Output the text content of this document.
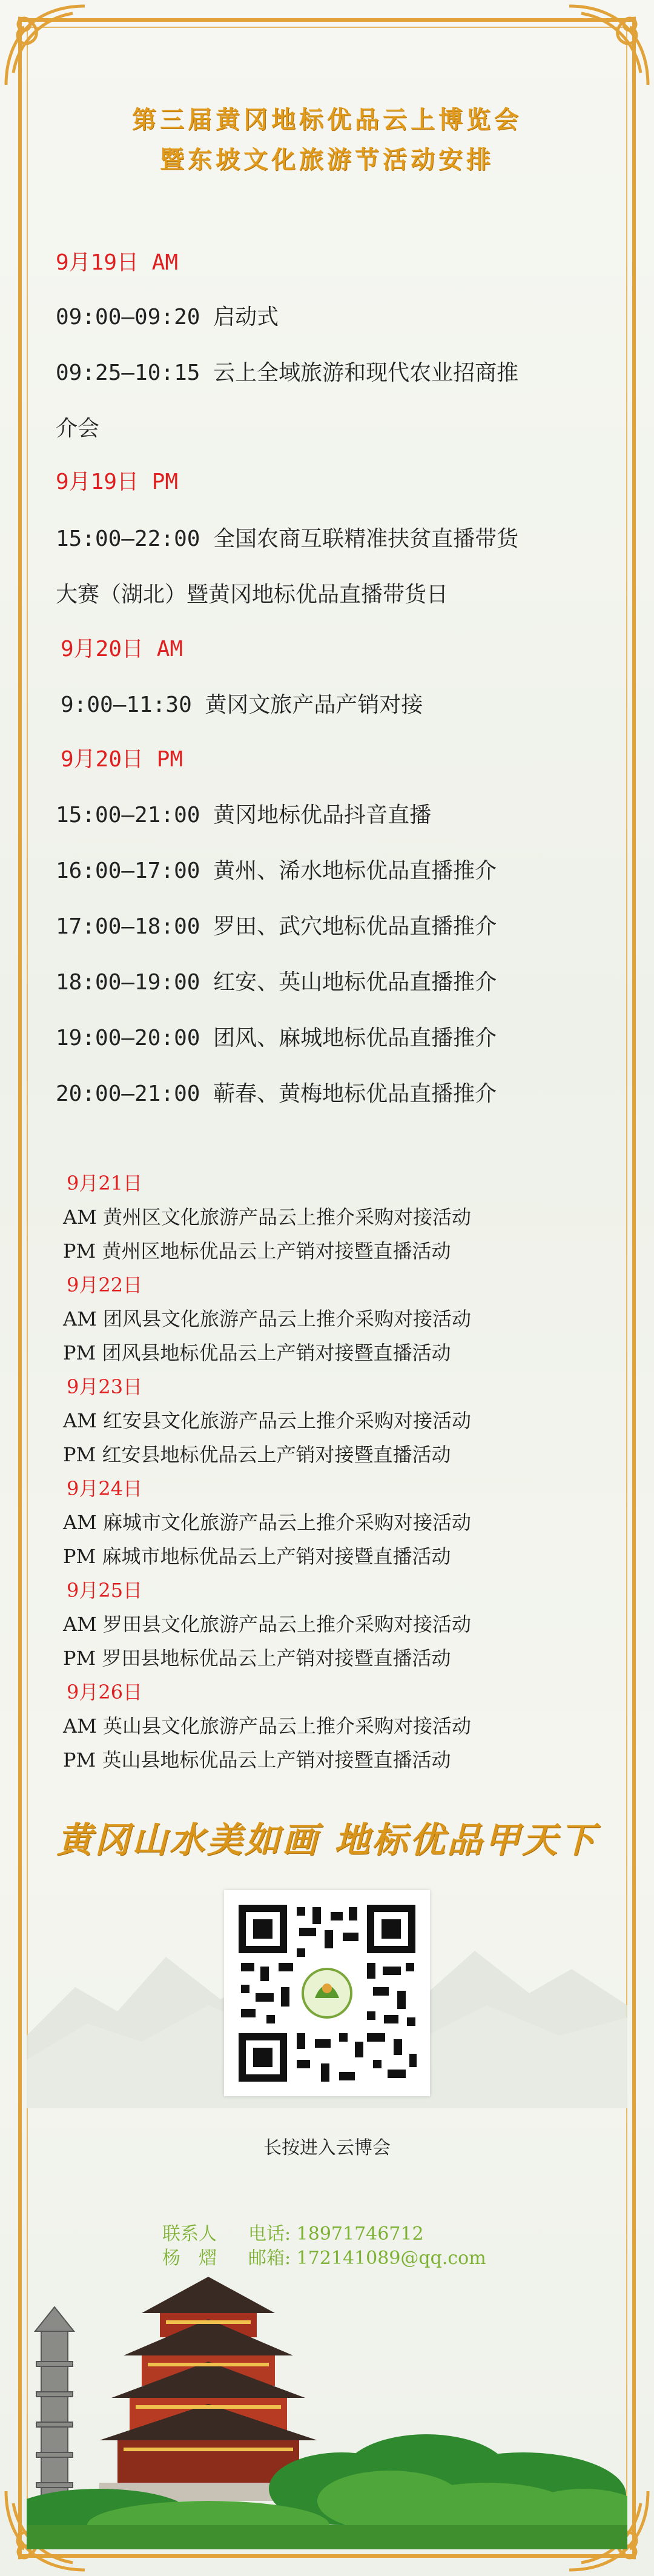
第三届黄冈地标优品云上博览会
暨东坡文化旅游节活动安排
9月19日 AM
09:00—09:20 启动式
09:25—10:15 云上全域旅游和现代农业招商推
介会
9月19日 PM
15:00—22:00 全国农商互联精准扶贫直播带货
大赛（湖北）暨黄冈地标优品直播带货日
9月20日 AM
9:00—11:30 黄冈文旅产品产销对接
9月20日 PM
15:00—21:00 黄冈地标优品抖音直播
16:00—17:00 黄州、浠水地标优品直播推介
17:00—18:00 罗田、武穴地标优品直播推介
18:00—19:00 红安、英山地标优品直播推介
19:00—20:00 团风、麻城地标优品直播推介
20:00—21:00 蕲春、黄梅地标优品直播推介
9月21日
AM 黄州区文化旅游产品云上推介采购对接活动
PM 黄州区地标优品云上产销对接暨直播活动
9月22日
AM 团风县文化旅游产品云上推介采购对接活动
PM 团风县地标优品云上产销对接暨直播活动
9月23日
AM 红安县文化旅游产品云上推介采购对接活动
PM 红安县地标优品云上产销对接暨直播活动
9月24日
AM 麻城市文化旅游产品云上推介采购对接活动
PM 麻城市地标优品云上产销对接暨直播活动
9月25日
AM 罗田县文化旅游产品云上推介采购对接活动
PM 罗田县地标优品云上产销对接暨直播活动
9月26日
AM 英山县文化旅游产品云上推介采购对接活动
PM 英山县地标优品云上产销对接暨直播活动
黄冈山水美如画 地标优品甲天下
长按进入云博会
联系人
杨　熠
电话: 18971746712
邮箱: 172141089@qq.com
